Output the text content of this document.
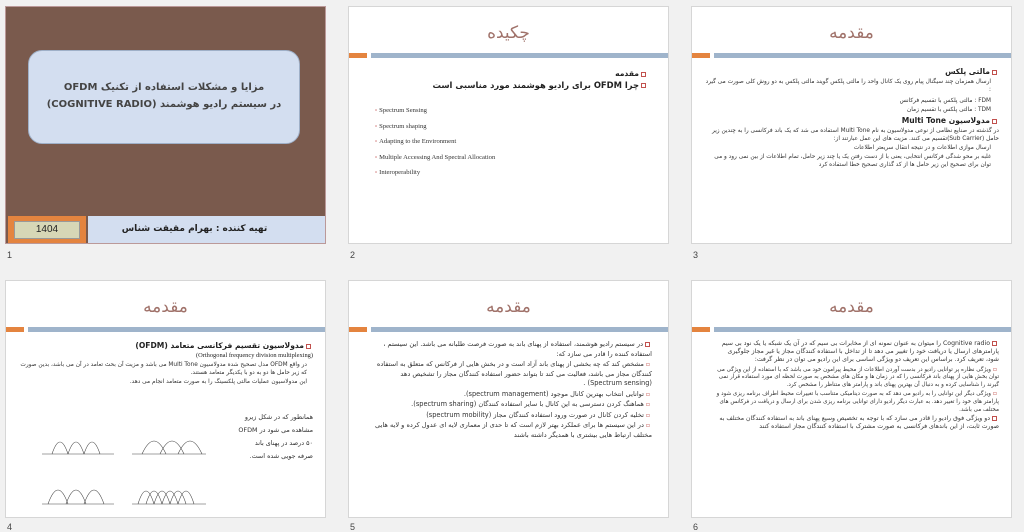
مزایا و مشکلات استفاده از تکنیک OFDM
در سیستم رادیو هوشمند (COGNITIVE RADIO)
1404	تهیه کننده : بهرام مقیقت شناس
1
چکیده
مقدمه
چرا OFDM برای رادیو هوشمند مورد مناسبی است
▫ Spectrum Sensing
▫ Spectrum shaping
▫ Adapting to the Environment
▫ Multiple Accessing And Spectral Allocation
▫ Interoperability
2
مقدمه
مالتی پلکس
ارسال همزمان چند سیگنال پیام روی یک کانال واحد را مالتی پلکس گویند مالتی پلکس به دو روش کلی صورت می گیرد :
FDM : مالتی پلکس با تقسیم فرکانس
TDM : مالتی پلکس با تقسیم زمان
مدولاسیون Multi Tone
در گذشته در صنایع نظامی از نوعی مدولاسیون به نام Multi Tone استفاده می شد که یک باند فرکانسی را به چندین زیر حامل (Sub Carrier)تقسیم می کنند. مزیت های این عمل عبارتند از:
ارسال موازی اطلاعات و در نتیجه انتقال سریعتر اطلاعات
غلبه بر محو شدگی فرکانس انتخابی، یعنی با از دست رفتن یک یا چند زیر حامل، تمام اطلاعات از بین نمی رود و می توان برای تصحیح این زیر حامل ها از کد گذاری تصحیح خطا استفاده کرد
3
مقدمه
مدولاسیون تقسیم فرکانسی متعامد (OFDM)
(Orthogonal frequency division multiplexing)
در واقع OFDM مدل تصحیح شده مدولاسیون Multi Tone می باشد و مزیت آن بحث تعامد در آن می باشد، بدین صورت که زیر حامل ها دو به دو با یکدیگر متعامد هستند.
این مدولاسیون عملیات مالتی پلکسینگ را به صورت متعامد انجام می دهد.
همانطور که در شکل زیرو
مشاهده می شود در OFDM
۵۰ درصد در پهنای باند
صرفه جویی شده است.
4
مقدمه
در سیستم رادیو هوشمند، استفاده از پهنای باند به صورت فرصت طلبانه می باشد. این سیستم ، استفاده کننده را قادر می سازد که:
▫مشخص کند که چه بخشی از پهنای باند آزاد است و در بخش هایی از فرکانس که متعلق به استفاده کنندگان مجاز می باشد، فعالیت می کند تا بتواند حضور استفاده کنندگان مجاز را تشخیص دهد (Spectrum sensing) .
▫توانایی انتخاب بهترین کانال موجود (spectrum management).
▫هماهنگ کردن دسترسی به این کانال با سایر استفاده کنندگان (spectrum sharing).
▫تخلیه کردن کانال در صورت ورود استفاده کنندگان مجاز (spectrum mobility)
▫در این سیستم ها برای عملکرد بهتر لازم است که تا حدی از معماری لایه ای عدول کرده و لایه هایی مختلف ارتباط هایی بیشتری با همدیگر داشته باشند
5
مقدمه
Cognitive radio را میتوان به عنوان نمونه ای از مخابرات بی سیم که در آن یک شبکه یا یک نود بی سیم پارامترهای ارسال یا دریافت خود را تغییر می دهد تا از تداخل با استفاده کنندگان مجاز یا غیر مجاز جلوگیری شود، تعریف کرد. براساس این تعریف دو ویژگی اساسی برای این رادیو می توان در نظر گرفت:
▫ویژگی نظاره پر توانایی رادیو در بدست آوردن اطلاعات از محیط پیرامون خود می باشد که با استفاده از این ویژگی می توان بخش هایی از پهنای باند فرکانسی را که در زمان ها و مکان های مشخص به صورت لحظه ای مورد استفاده قرار نمی گیرند را شناسایی کرده و به دنبال آن بهترین پهنای باند و پارامتر های متناظر را مشخص کرد.
▫ویژگی دیگر این توانایی را به رادیو می دهد که به صورت دینامیکی متناسب با تغییرات محیط اطراف برنامه ریزی شود و پارامتر های خود را تغییر دهد. به عبارت دیگر رادیو دارای توانایی برنامه ریزی شدن برای ارسال و دریافت در فرکانس های مختلف می باشد.
دو ویژگی فوق رادیو را قادر می سازد که با توجه به تخصیص وسیع پهنای باند به استفاده کنندگان مختلف به صورت ثابت، از این باندهای فرکانسی به صورت مشترک با استفاده کنندگان مجاز استفاده کنند
6
